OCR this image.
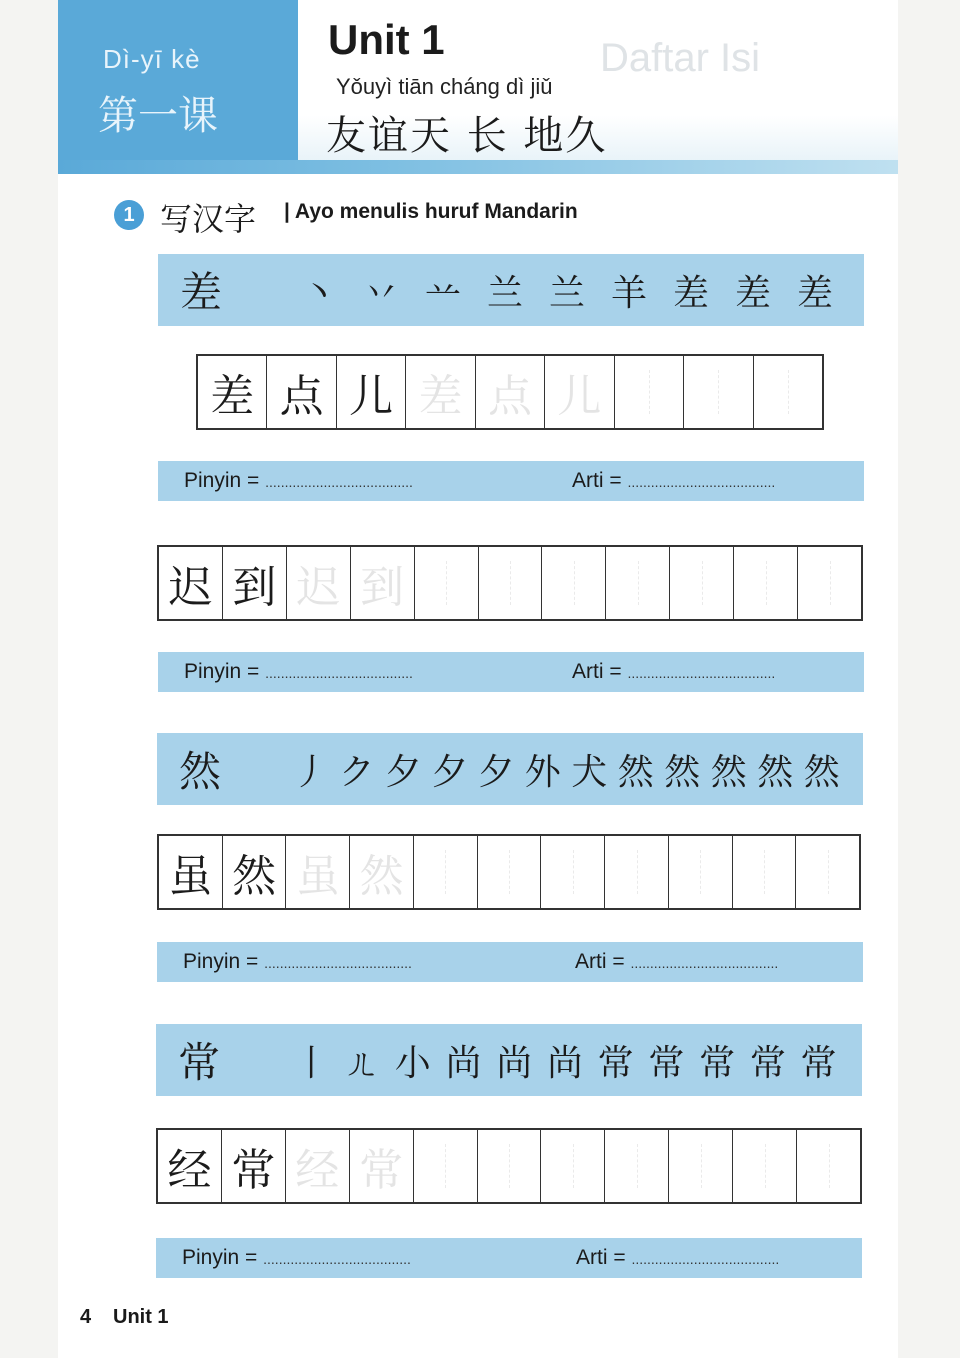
Daftar Isi
Dì-yī kè
第一课
Unit 1
Yǒuyì tiān cháng dì jiǔ
友谊天 长 地久
1 写汉字 | Ayo menulis huruf Mandarin
差	丶 丷 䒑 兰 兰 羊 差 差 差
差 点 儿 差 点 儿
Pinyin = ......................................	Arti = ......................................
迟 到 迟 到
Pinyin = ......................................	Arti = ......................................
然	丿 ク 夕 夕 夕 外 犬 然 然 然 然 然
虽 然 虽 然
Pinyin = ......................................	Arti = ......................................
常	丨 ㄦ 小 尚 尚 尚 常 常 常 常 常
经 常 经 常
Pinyin = ......................................	Arti = ......................................
4 Unit 1
